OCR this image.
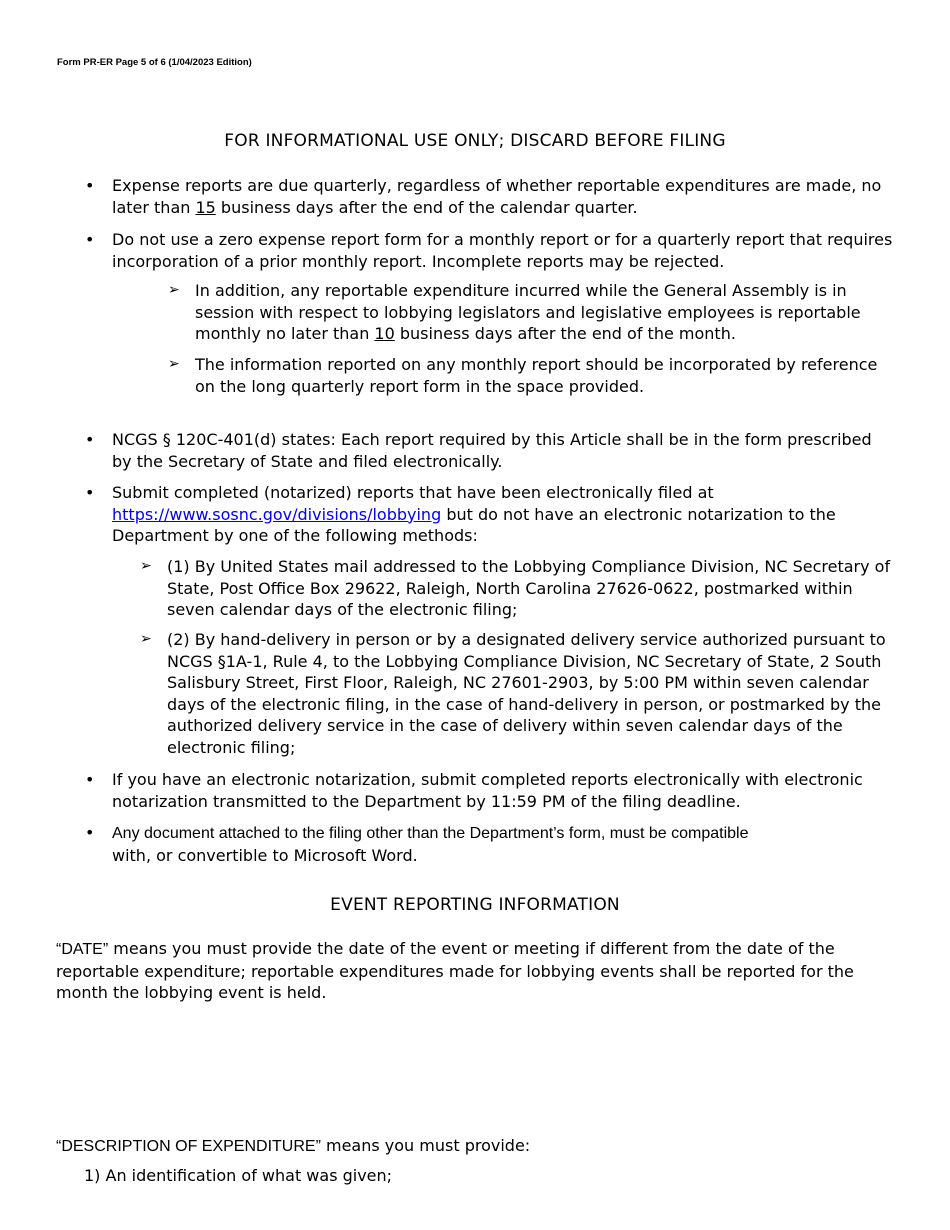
Form PR-ER Page 5 of 6 (1/04/2023 Edition)
FOR INFORMATIONAL USE ONLY; DISCARD BEFORE FILING
• Expense reports are due quarterly, regardless of whether reportable expenditures are made, no later than 15 business days after the end of the calendar quarter.
• Do not use a zero expense report form for a monthly report or for a quarterly report that requires incorporation of a prior monthly report. Incomplete reports may be rejected.
➢ In addition, any reportable expenditure incurred while the General Assembly is in session with respect to lobbying legislators and legislative employees is reportable monthly no later than 10 business days after the end of the month.
➢ The information reported on any monthly report should be incorporated by reference on the long quarterly report form in the space provided.
• NCGS § 120C-401(d) states: Each report required by this Article shall be in the form prescribed by the Secretary of State and filed electronically.
• Submit completed (notarized) reports that have been electronically filed at https://www.sosnc.gov/divisions/lobbying but do not have an electronic notarization to the Department by one of the following methods:
➢ (1) By United States mail addressed to the Lobbying Compliance Division, NC Secretary of State, Post Office Box 29622, Raleigh, North Carolina 27626-0622, postmarked within seven calendar days of the electronic filing;
➢ (2) By hand-delivery in person or by a designated delivery service authorized pursuant to NCGS §1A-1, Rule 4, to the Lobbying Compliance Division, NC Secretary of State, 2 South Salisbury Street, First Floor, Raleigh, NC 27601-2903, by 5:00 PM within seven calendar days of the electronic filing, in the case of hand-delivery in person, or postmarked by the authorized delivery service in the case of delivery within seven calendar days of the electronic filing;
• If you have an electronic notarization, submit completed reports electronically with electronic notarization transmitted to the Department by 11:59 PM of the filing deadline.
• Any document attached to the filing other than the Department’s form, must be compatible
with, or convertible to Microsoft Word.
EVENT REPORTING INFORMATION
“DATE” means you must provide the date of the event or meeting if different from the date of the reportable expenditure; reportable expenditures made for lobbying events shall be reported for the month the lobbying event is held.
“DESCRIPTION OF EXPENDITURE” means you must provide:
1) An identification of what was given;
